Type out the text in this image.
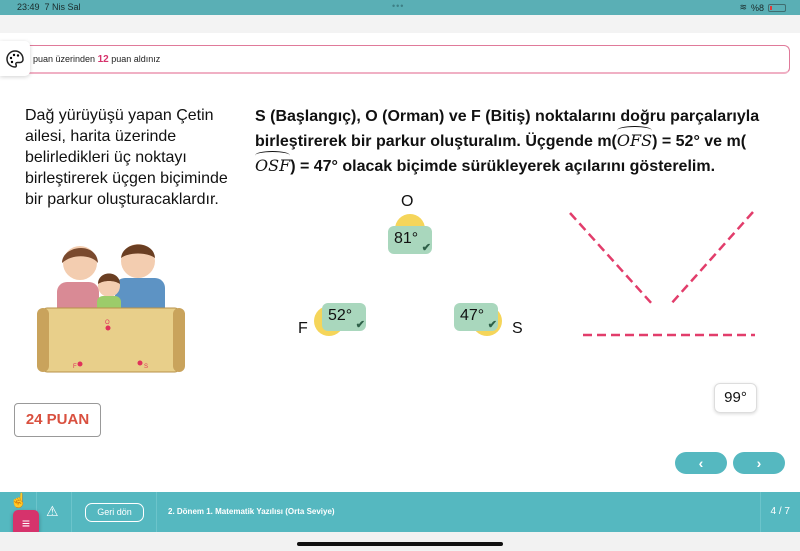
23:49 7 Nis Sal	•••	≋ %8
puan üzerinden 12 puan aldınız
Dağ yürüyüşü yapan Çetin ailesi, harita üzerinde belirledikleri üç noktayı birleştirerek üçgen biçiminde bir parkur oluşturacaklardır.
O
F	S
24 PUAN
S (Başlangıç), O (Orman) ve F (Bitiş) noktalarını doğru parçalarıyla birleştirerek bir parkur oluşturalım. Üçgende m(OFS) = 52° ve m(OSF) = 47° olacak biçimde sürükleyerek açılarını gösterelim.
O
F	S
81°
✔
52°
✔
47°
✔
99°
‹	›
☝
⚠	Geri dön	2. Dönem 1. Matematik Yazılısı (Orta Seviye)	4 / 7
≡
